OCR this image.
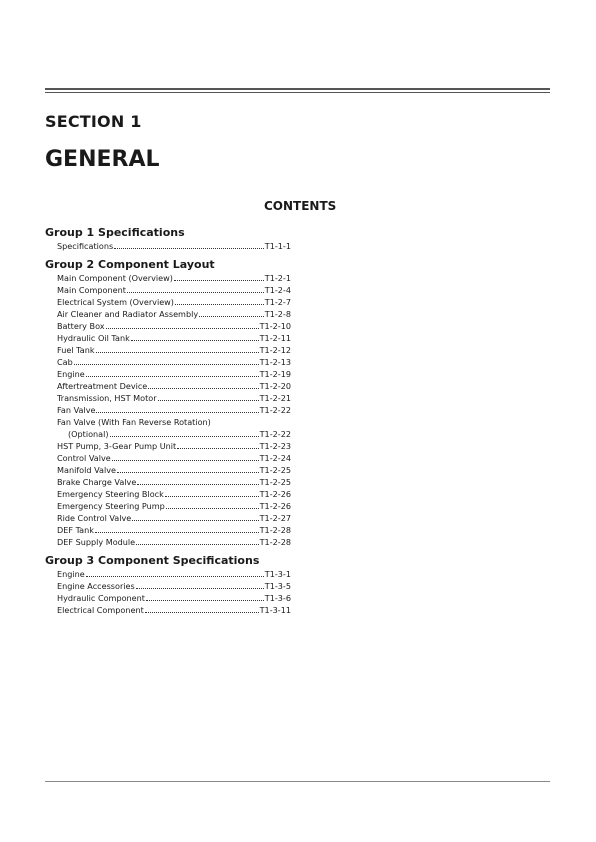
SECTION 1
GENERAL
CONTENTS
Group 1 Specifications
Specifications	T1-1-1
Group 2 Component Layout
Main Component (Overview)	T1-2-1
Main Component	T1-2-4
Electrical System (Overview)	T1-2-7
Air Cleaner and Radiator Assembly	T1-2-8
Battery Box	T1-2-10
Hydraulic Oil Tank	T1-2-11
Fuel Tank	T1-2-12
Cab	T1-2-13
Engine	T1-2-19
Aftertreatment Device	T1-2-20
Transmission, HST Motor	T1-2-21
Fan Valve	T1-2-22
Fan Valve (With Fan Reverse Rotation)
(Optional)	T1-2-22
HST Pump, 3-Gear Pump Unit	T1-2-23
Control Valve	T1-2-24
Manifold Valve	T1-2-25
Brake Charge Valve	T1-2-25
Emergency Steering Block	T1-2-26
Emergency Steering Pump	T1-2-26
Ride Control Valve	T1-2-27
DEF Tank	T1-2-28
DEF Supply Module	T1-2-28
Group 3 Component Specifications
Engine	T1-3-1
Engine Accessories	T1-3-5
Hydraulic Component	T1-3-6
Electrical Component	T1-3-11
